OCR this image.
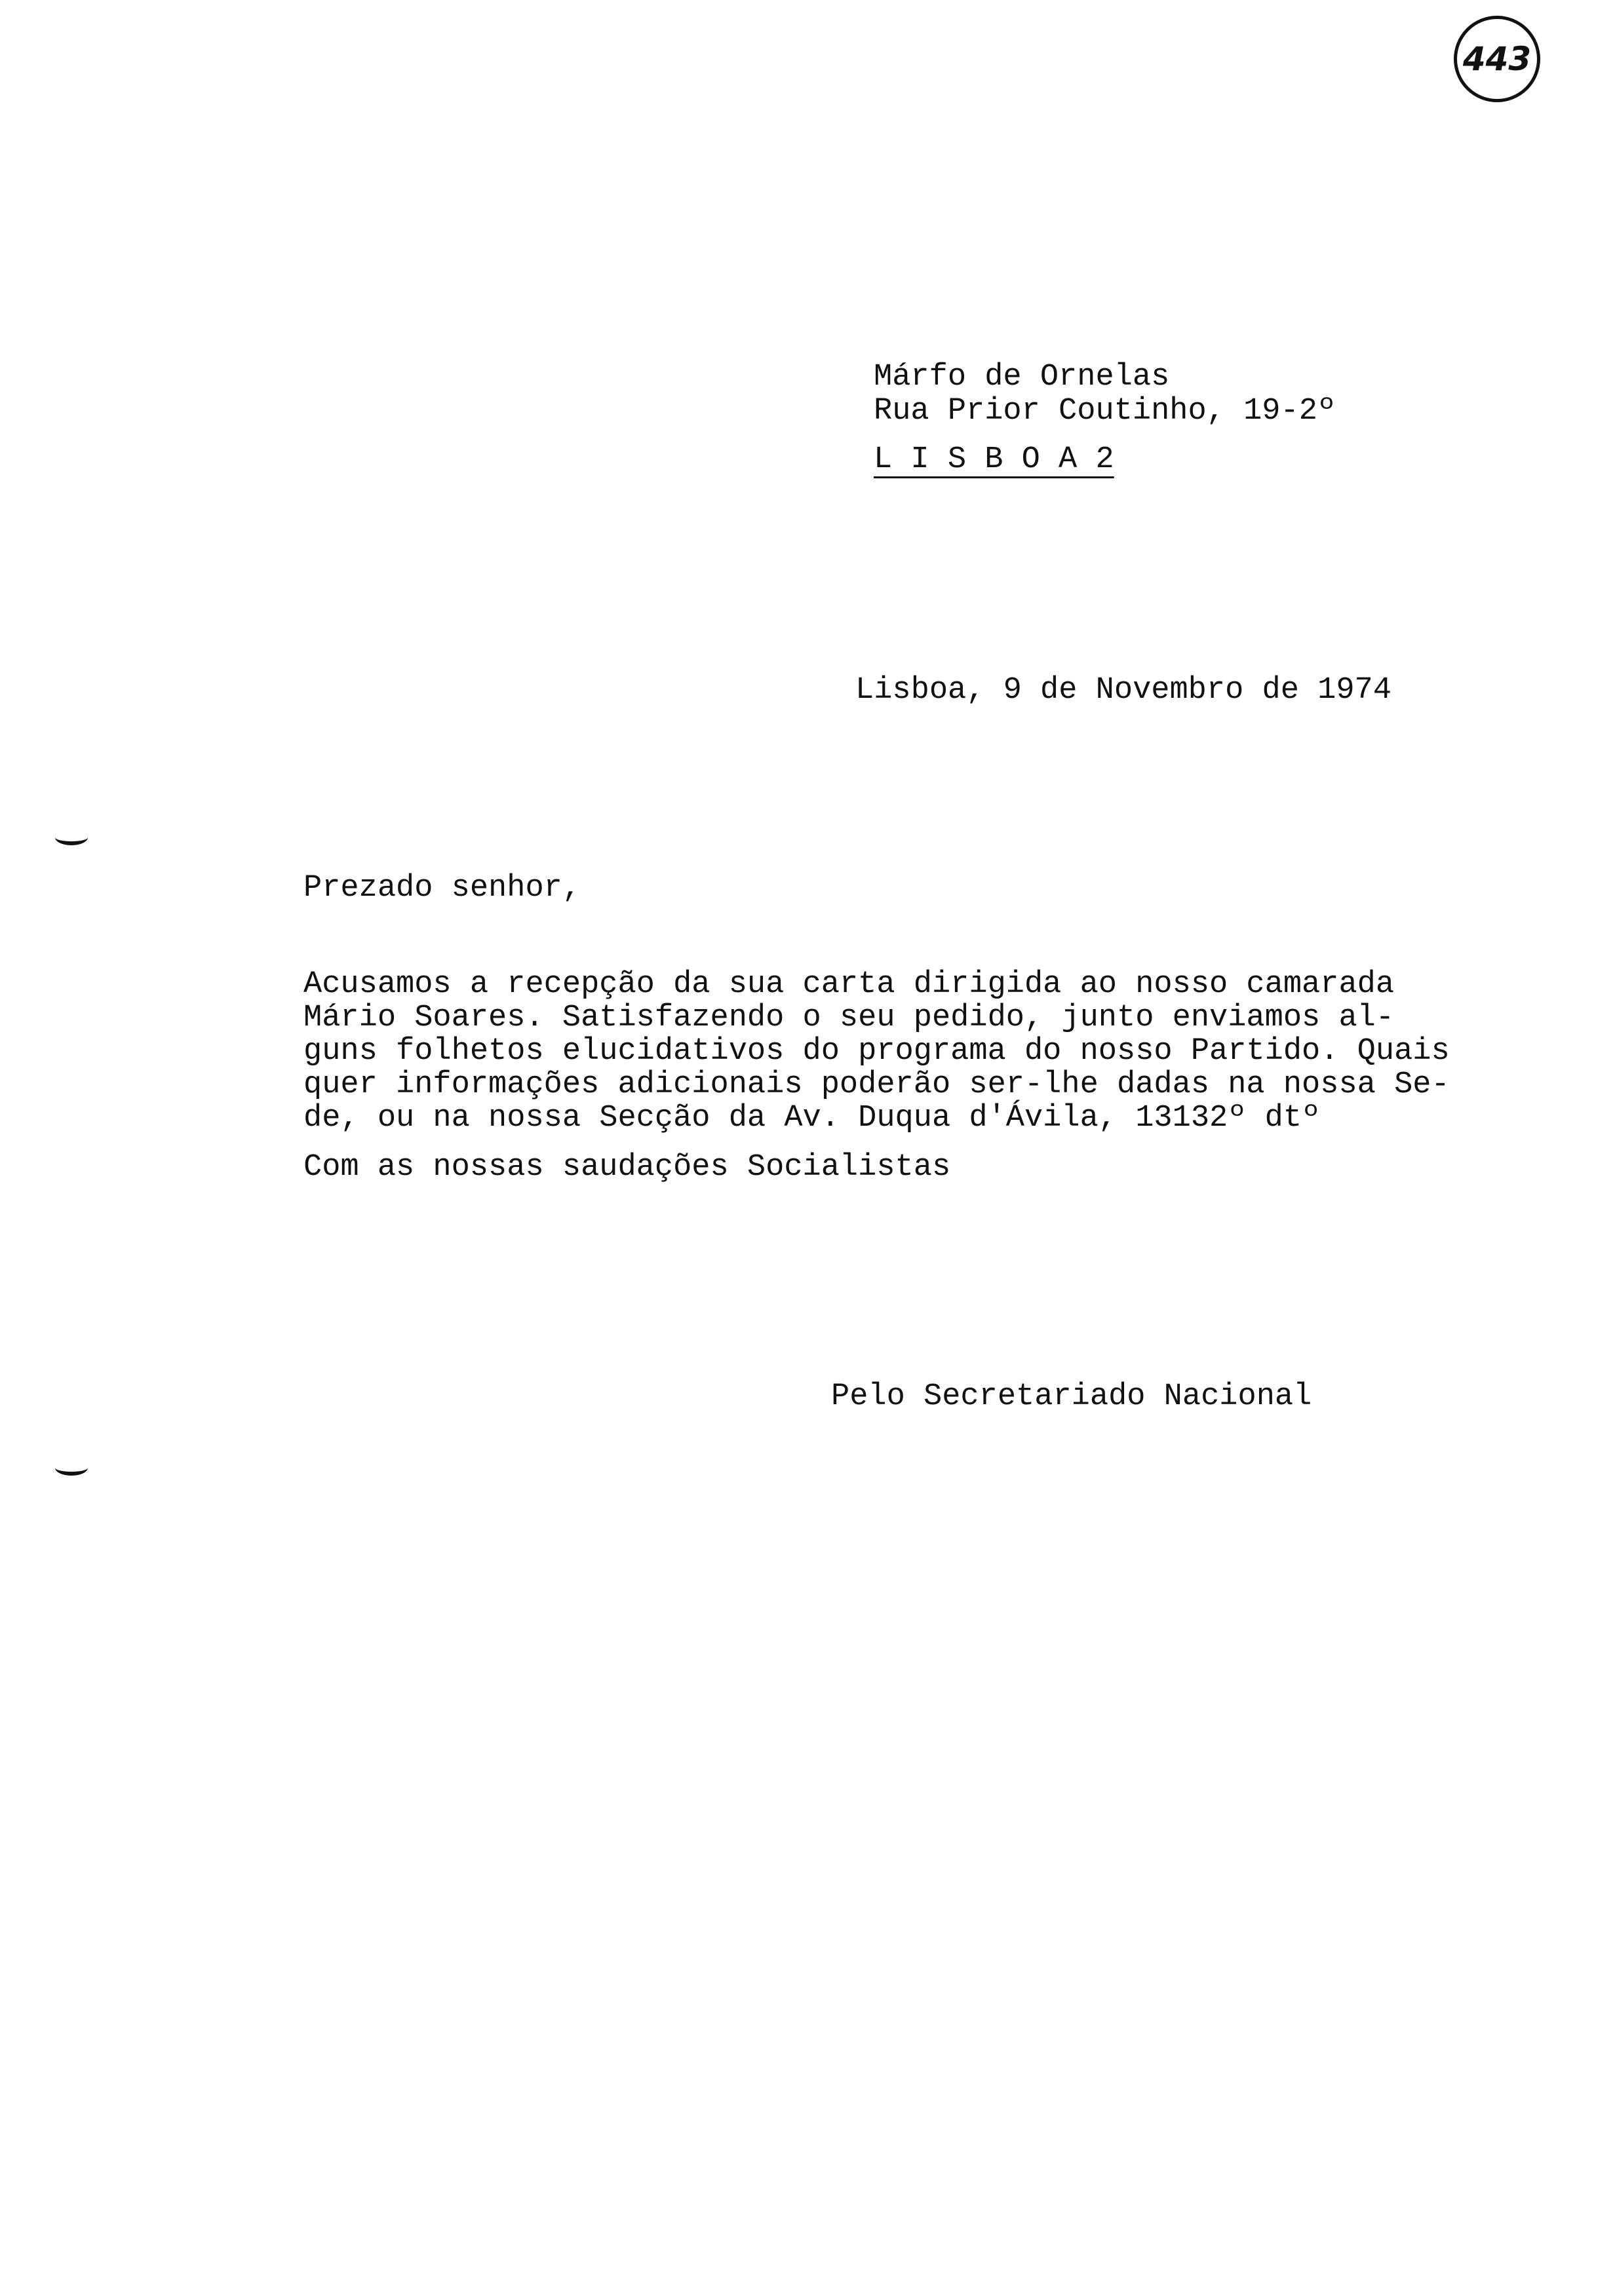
443
Márfo de Ornelas
Rua Prior Coutinho, 19-2º
L I S B O A 2
Lisboa, 9 de Novembro de 1974
Prezado senhor,
Acusamos a recepção da sua carta dirigida ao nosso camarada
Mário Soares. Satisfazendo o seu pedido, junto enviamos al-
guns folhetos elucidativos do programa do nosso Partido. Quais
quer informações adicionais poderão ser-lhe dadas na nossa Se-
de, ou na nossa Secção da Av. Duqua d'Ávila, 13132º dtº
Com as nossas saudações Socialistas
Pelo Secretariado Nacional
